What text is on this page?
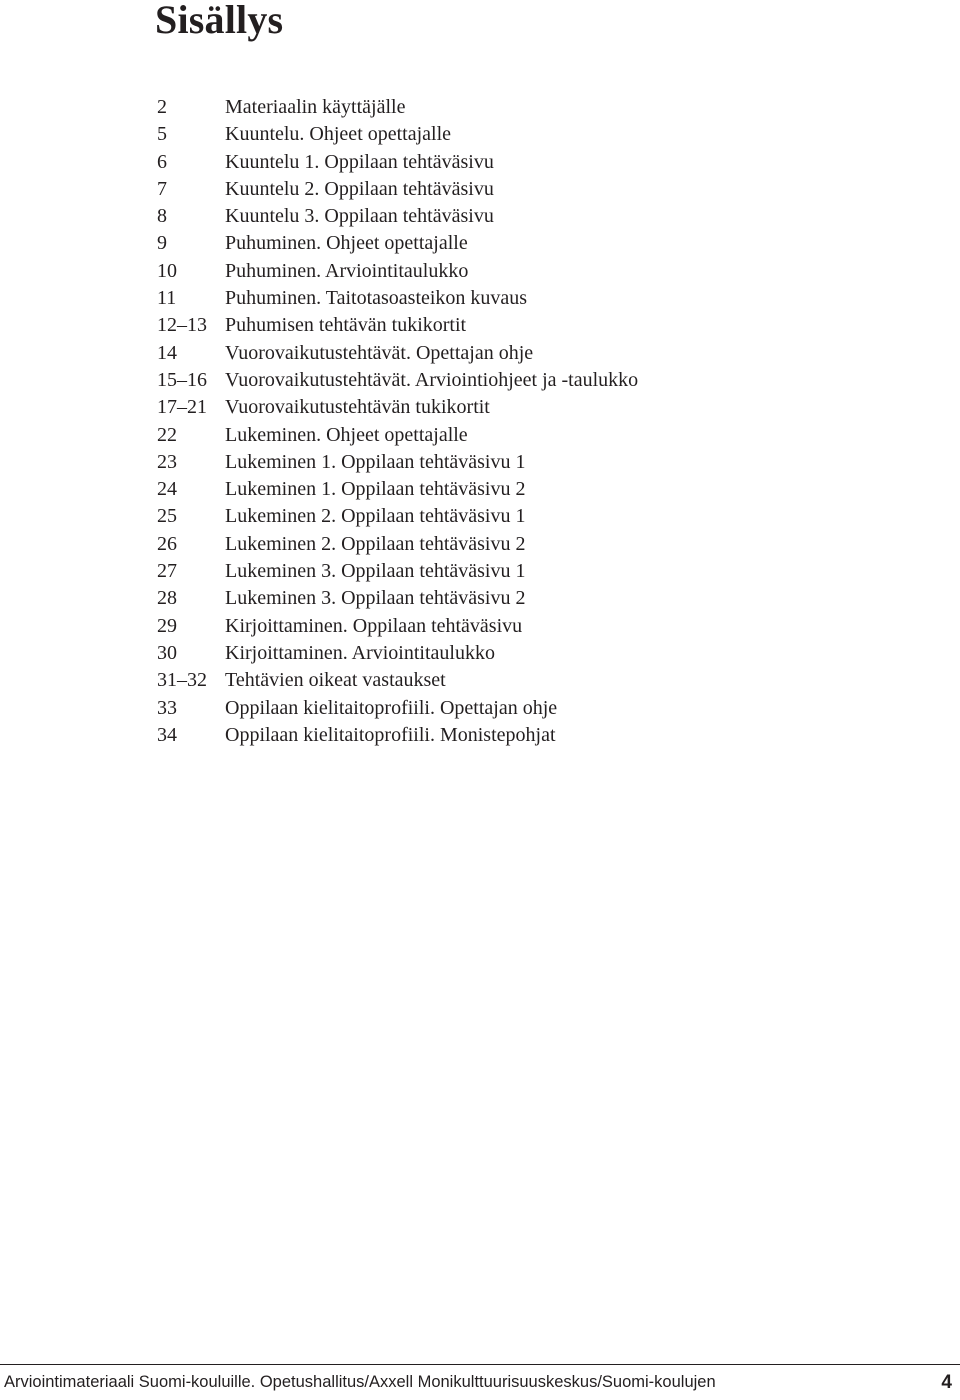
Sisällys
2	Materiaalin käyttäjälle
5	Kuuntelu. Ohjeet opettajalle
6	Kuuntelu 1. Oppilaan tehtäväsivu
7	Kuuntelu 2. Oppilaan tehtäväsivu
8	Kuuntelu 3. Oppilaan tehtäväsivu
9	Puhuminen. Ohjeet opettajalle
10	Puhuminen. Arviointitaulukko
11	Puhuminen. Taitotasoasteikon kuvaus
12–13 Puhumisen tehtävän tukikortit
14	Vuorovaikutustehtävät. Opettajan ohje
15–16 Vuorovaikutustehtävät. Arviointiohjeet ja -taulukko
17–21 Vuorovaikutustehtävän tukikortit
22	Lukeminen. Ohjeet opettajalle
23	Lukeminen 1. Oppilaan tehtäväsivu 1
24	Lukeminen 1. Oppilaan tehtäväsivu 2
25	Lukeminen 2. Oppilaan tehtäväsivu 1
26	Lukeminen 2. Oppilaan tehtäväsivu 2
27	Lukeminen 3. Oppilaan tehtäväsivu 1
28	Lukeminen 3. Oppilaan tehtäväsivu 2
29	Kirjoittaminen. Oppilaan tehtäväsivu
30	Kirjoittaminen. Arviointitaulukko
31–32 Tehtävien oikeat vastaukset
33	Oppilaan kielitaitoprofiili. Opettajan ohje
34	Oppilaan kielitaitoprofiili. Monistepohjat
Arviointimateriaali Suomi-kouluille. Opetushallitus/Axxell Monikulttuurisuuskeskus/Suomi-koulujen	4
